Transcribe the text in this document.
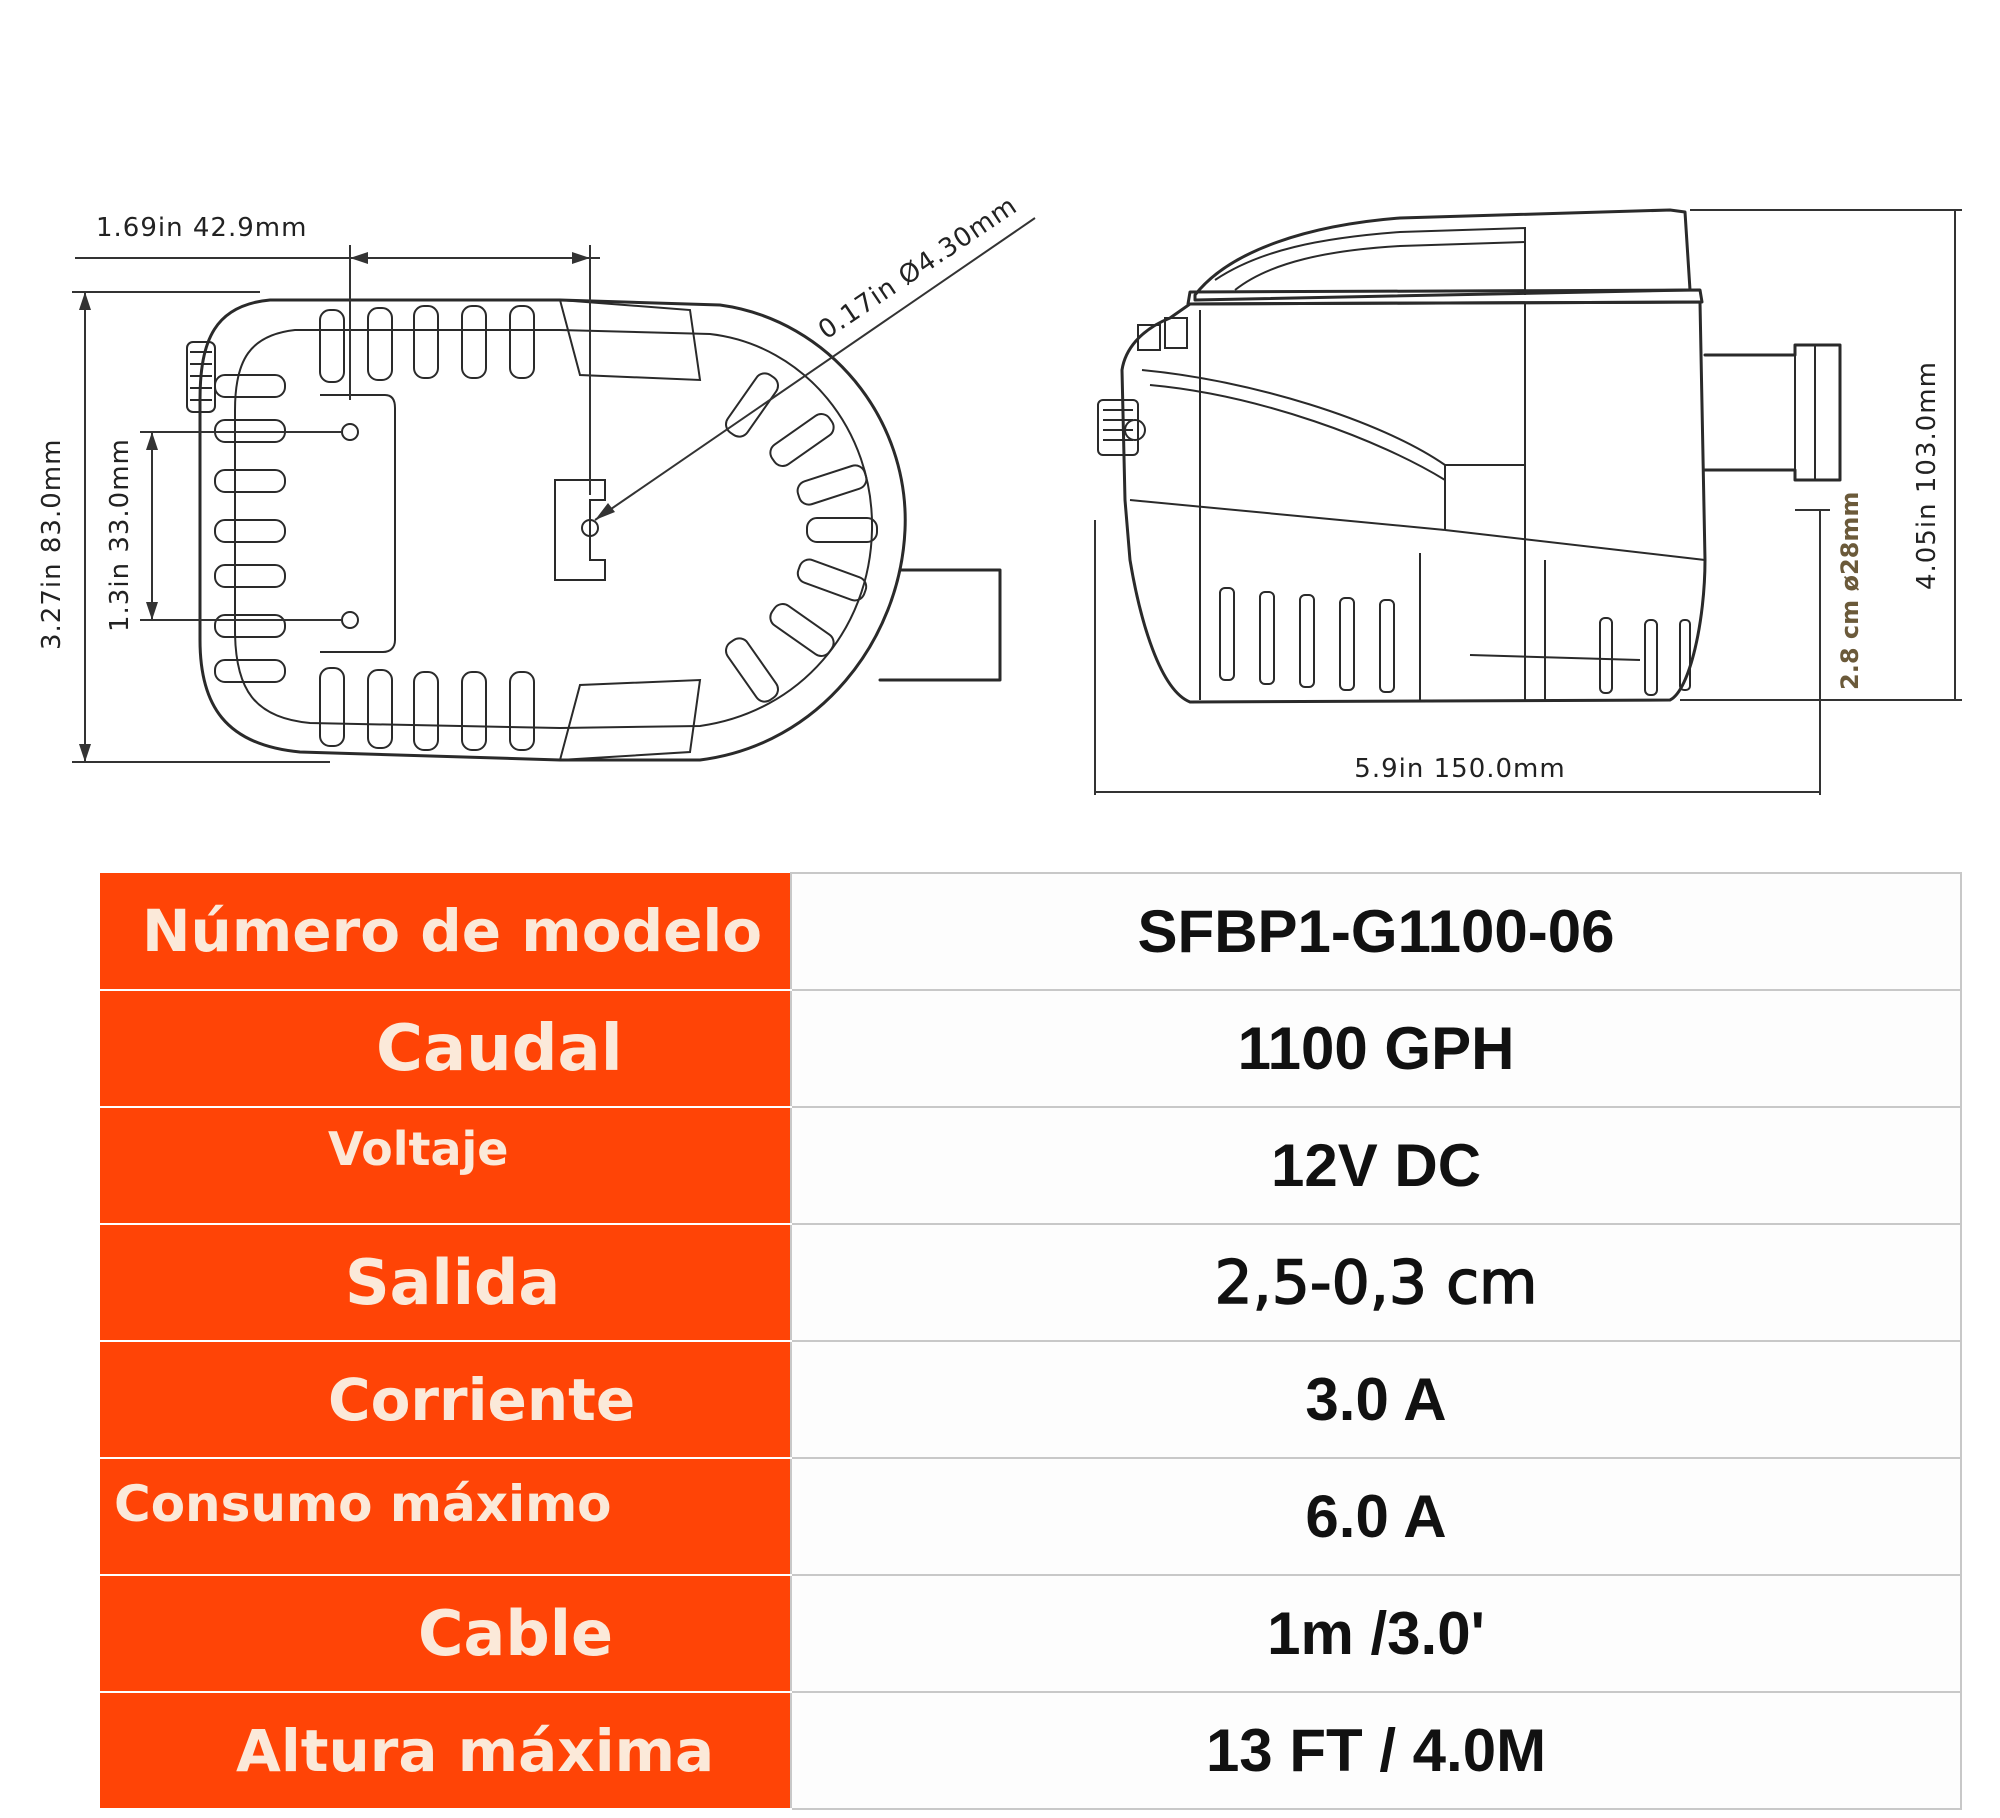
1.69in 42.9mm	0.17in Ø4.30mm
3.27in 83.0mm 1.3in 33.0mm	4.05in 103.0mm
2.8 cm ø28mm
5.9in 150.0mm
Número de modelo	SFBP1-G1100-06

Caudal	1100 GPH

Voltaje	12V DC

Salida	2,5-0,3 cm

Corriente	3.0 A

Consumo máximo	6.0 A

Cable	1m /3.0'

Altura máxima	13 FT / 4.0M
